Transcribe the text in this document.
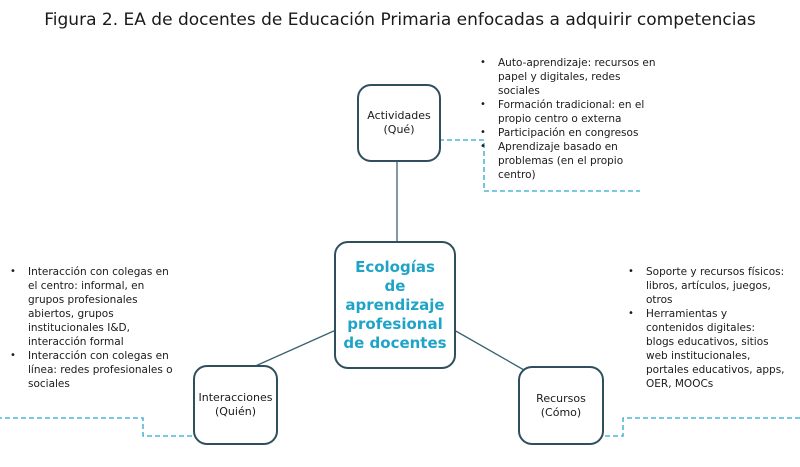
Figura 2. EA de docentes de Educación Primaria enfocadas a adquirir competencias
Actividades
(Qué)
Interacciones
(Quién)
Recursos
(Cómo)
Ecologías
de
aprendizaje
profesional
de docentes
• Auto-aprendizaje: recursos en papel y digitales, redes sociales
• Formación tradicional: en el propio centro o externa
• Participación en congresos
• Aprendizaje basado en problemas (en el propio centro)
• Interacción con colegas en el centro: informal, en grupos profesionales abiertos, grupos institucionales I&D, interacción formal
• Interacción con colegas en línea: redes profesionales o sociales
• Soporte y recursos físicos: libros, artículos, juegos, otros
• Herramientas y contenidos digitales: blogs educativos, sitios web institucionales, portales educativos, apps, OER, MOOCs
